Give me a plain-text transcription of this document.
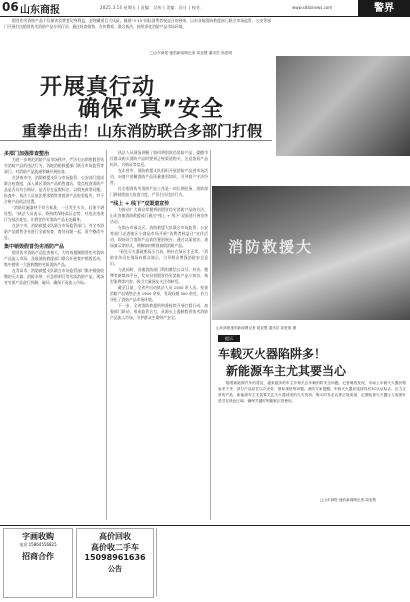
06 山东商报	2025.3.14 星期五 | 责编：吴伟 | 美编：设计 | 校对：	www.sdsbnews.com	警界
假冒伪劣消防产品不仅损害消费者切身利益，更埋藏着巨大风险。随着“3·15”国际消费者权益日的到来，山东各地消防救援部门联合市场监管、公安等部门开展打击假冒伪劣消防产品专项行动，通过检查销售、宣传教育、联合执法，持续净化消防产品市场环境。
□山东商报·速豹新闻网记者 周亚慧 通讯员 高爱明
开展真行动
确保“真”安全
重拳出击！山东消防联合多部门打假
多部门加强排查整治
为进一步规范消防产品市场秩序，严厉打击销售假冒伪劣消防产品的违法行为，各地消防救援部门联合市场监管等部门，对消防产品流通领域开展检查。
在济南市中，消防救援支队与市场监管、公安部门组成联合检查组，深入城区消防产品销售商店，重点检查消防产品是否具有合格证、是否存在虚假标注、以假充真等问题。检查中，执法人员依法要求销售者提供产品检验报告，对不合格产品依法处置。
“消防设施器材不符合标准，一旦发生火灾，后果不堪设想。”执法人员表示，将持续保持高压态势，对违法违规行为依法查处，让假冒伪劣消防产品无处藏身。
在济宁市，消防救援支队联合市场监管部门，对全市消防产品销售企业进行全面检查，查处问题一起，责令整改多处。
集中销毁假冒伪劣消防产品
假冒伪劣消防产品危害极大，为有效遏制假冒伪劣消防产品流入市场，各地消防救援部门联合开展集中销毁活动，集中销毁一大批收缴的劣质消防产品。
在青岛市，消防救援支队联合市场监管部门集中销毁收缴的灭火器、消防水带、应急照明灯等劣质消防产品，现场对劣质产品进行拆解、破坏，确保不再流入市场。
执法人员现场讲解了如何辨别真伪消防产品，提醒市民群众购买消防产品时要到正规渠道购买，注意查看产品标识、合格证等信息。
在东营市，消防救援支队组织开展消防产品进市场活动，向商户讲解消防产品质量鉴别知识，引导商户守法经营。
打击假冒伪劣消防产品工作是一项长期任务，消防部门将持续加大检查力度，严厉打击违法行为。
“线上 + 线下”双渠道宣传
为推动广大群众掌握辨别假冒伪劣消防产品的方法，山东各地消防救援部门通过“线上 + 线下”双渠道开展宣传活动。
在烟台市福山区，消防救援大队联合市场监管、公安等部门走进辖区小商品市场开展“消费者权益日”宣传活动，现场设立消防产品真伪鉴别展台，通过以案说法、现场演示等形式，讲解如何辨别真假消防产品。
“看见灭火器就要看压力表，指针在绿区才正常。”消防宣传员在现场向群众演示，引导群众增强消防安全意识。
与此同时，各地消防部门利用微信公众号、抖音、微博等新媒体平台，发布识别假冒伪劣消防产品小知识、典型案例等内容，吸引大量网友关注和转发。
截至目前，全省共出动执法人员 1500 余人次，检查消防产品销售企业 1900 余家，发现问题 300 余处，有力净化了消防产品市场环境。
下一步，全省消防救援机构将持续开展打假行动，加强部门联动，形成监管合力，从源头上遏制假冒伪劣消防产品流入市场，守护群众生命财产安全。
消防救援大
山东商报速豹新闻网记者 周亚慧 通讯员 高爱明 摄
提示
车载灭火器陷阱多！
新能源车主尤其要当心
随着新能源汽车的普及，越来越多的车主开始关注车辆消防安全问题。记者调查发现，市场上车载灭火器价格参差不齐，部分产品存在以次充好、虚标规格等问题。消防专家提醒，车载灭火器应选择具有3C认证标志、压力正常的产品，新能源车主尤其要关注灭火器适用的火灾类别，购买时务必认准正规渠道，定期检查灭火器压力表指针是否在绿色区域，确保关键时刻能够正常使用。
□山东商报·速豹新闻网记者 周亚慧
字画收购
电话 15864556825
招商合作
高价回收
高价收二手车
15098961636
公告
